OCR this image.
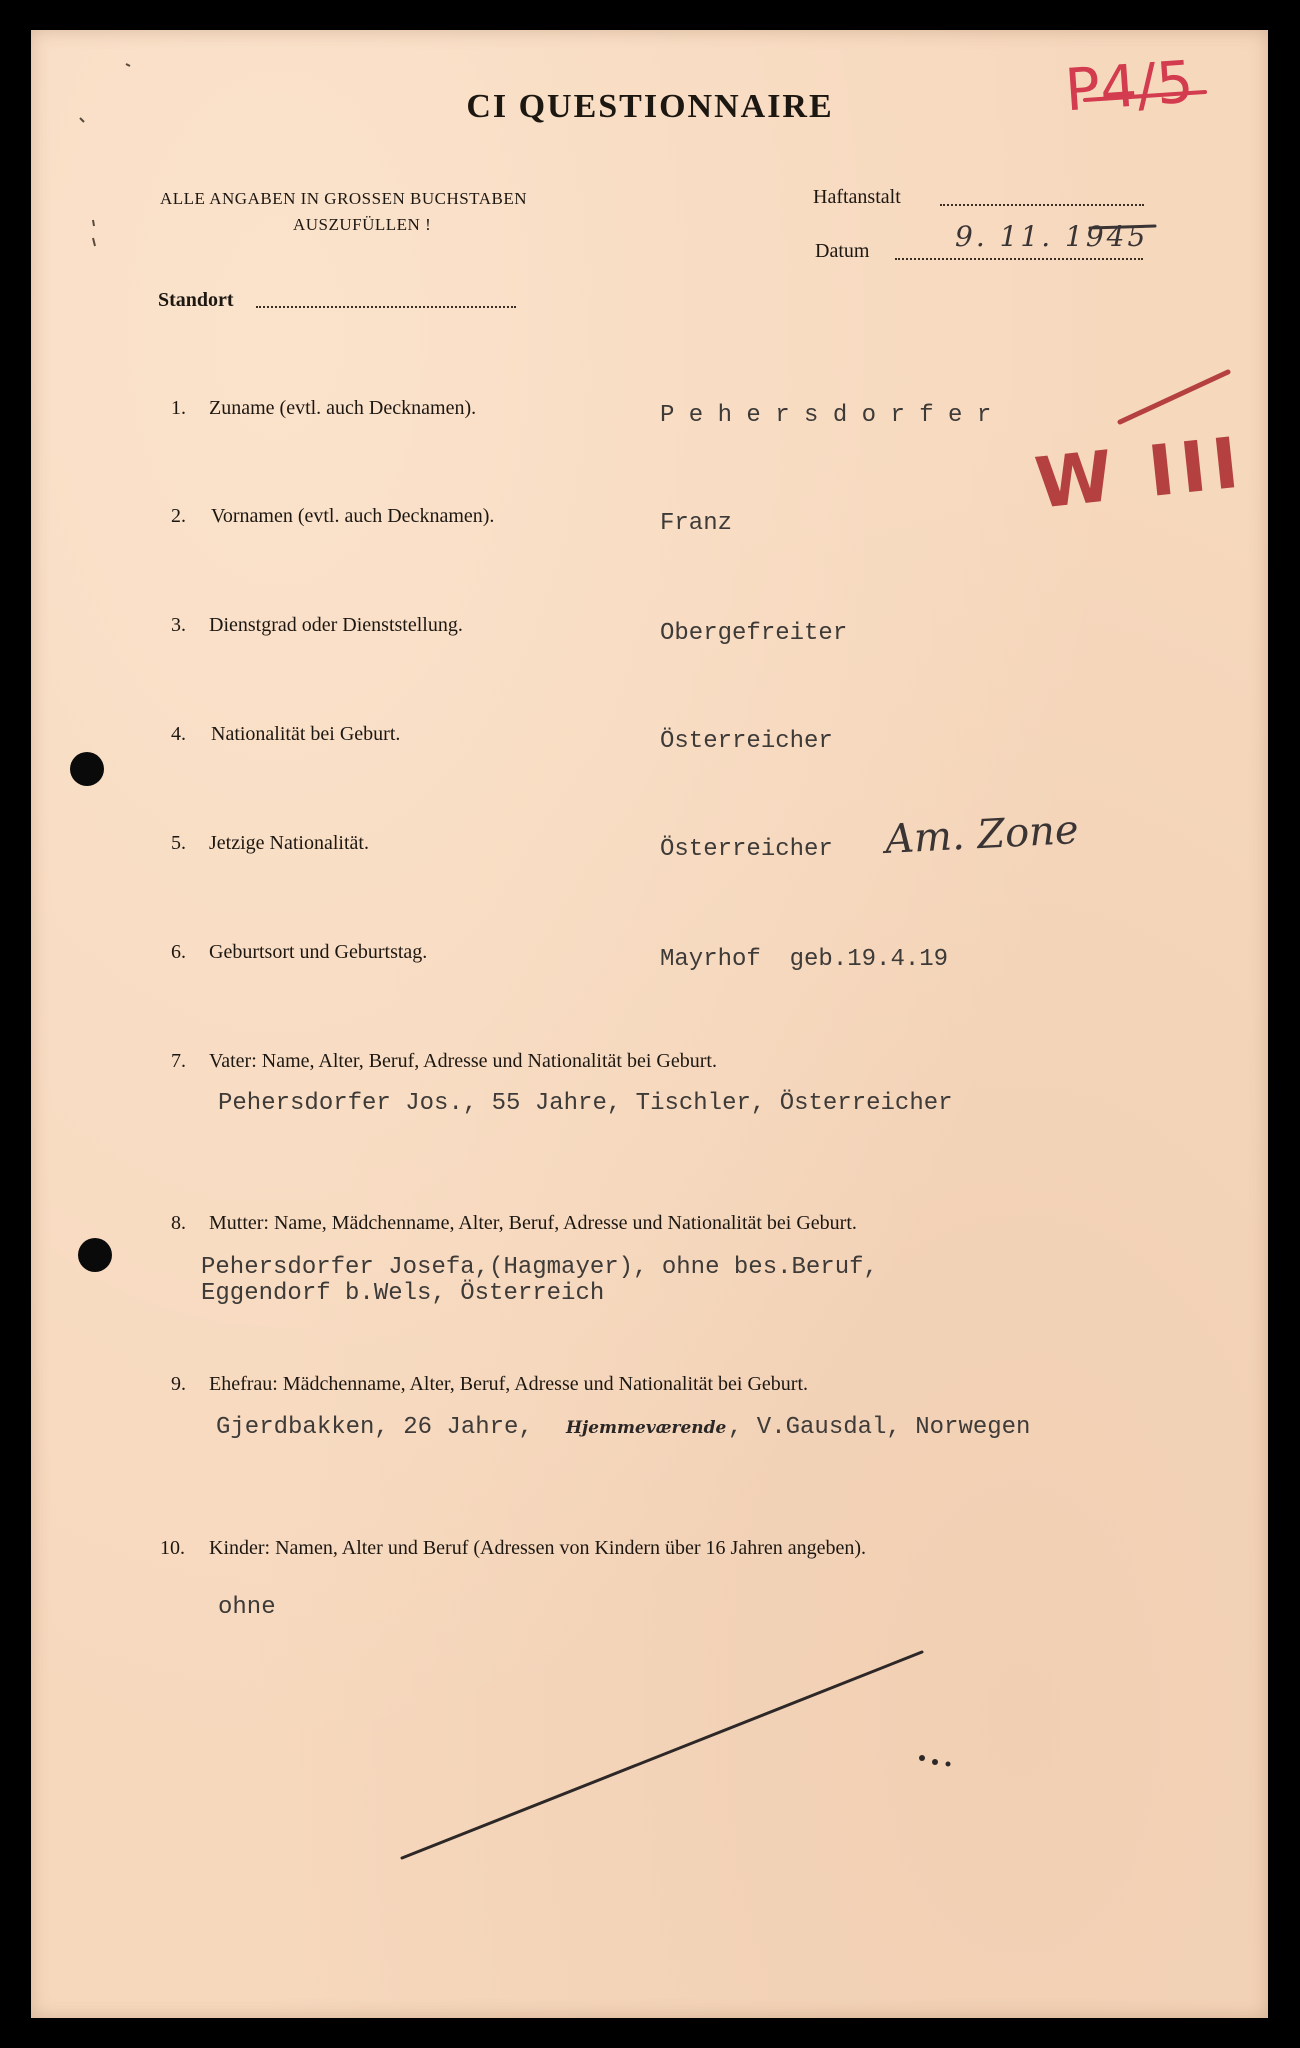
CI QUESTIONNAIRE
ALLE ANGABEN IN GROSSEN BUCHSTABEN
AUSZUFÜLLEN !
Haftanstalt
Datum	9. 11. 1945
Standort
P4/5
W III
1. Zuname (evtl. auch Decknamen).	P e h e r s d o r f e r
2. Vornamen (evtl. auch Decknamen).	Franz
3. Dienstgrad oder Dienststellung.	Obergefreiter
4. Nationalität bei Geburt.	Österreicher
5. Jetzige Nationalität.	Österreicher Am. Zone
6. Geburtsort und Geburtstag.	Mayrhof  geb.19.4.19
7. Vater: Name, Alter, Beruf, Adresse und Nationalität bei Geburt.
Pehersdorfer Jos., 55 Jahre, Tischler, Österreicher
8. Mutter: Name, Mädchenname, Alter, Beruf, Adresse und Nationalität bei Geburt.
Pehersdorfer Josefa,(Hagmayer), ohne bes.Beruf,
Eggendorf b.Wels, Österreich
9. Ehefrau: Mädchenname, Alter, Beruf, Adresse und Nationalität bei Geburt.
Gjerdbakken, 26 Jahre, Hjemmeværende , V.Gausdal, Norwegen
10. Kinder: Namen, Alter und Beruf (Adressen von Kindern über 16 Jahren angeben).
ohne
